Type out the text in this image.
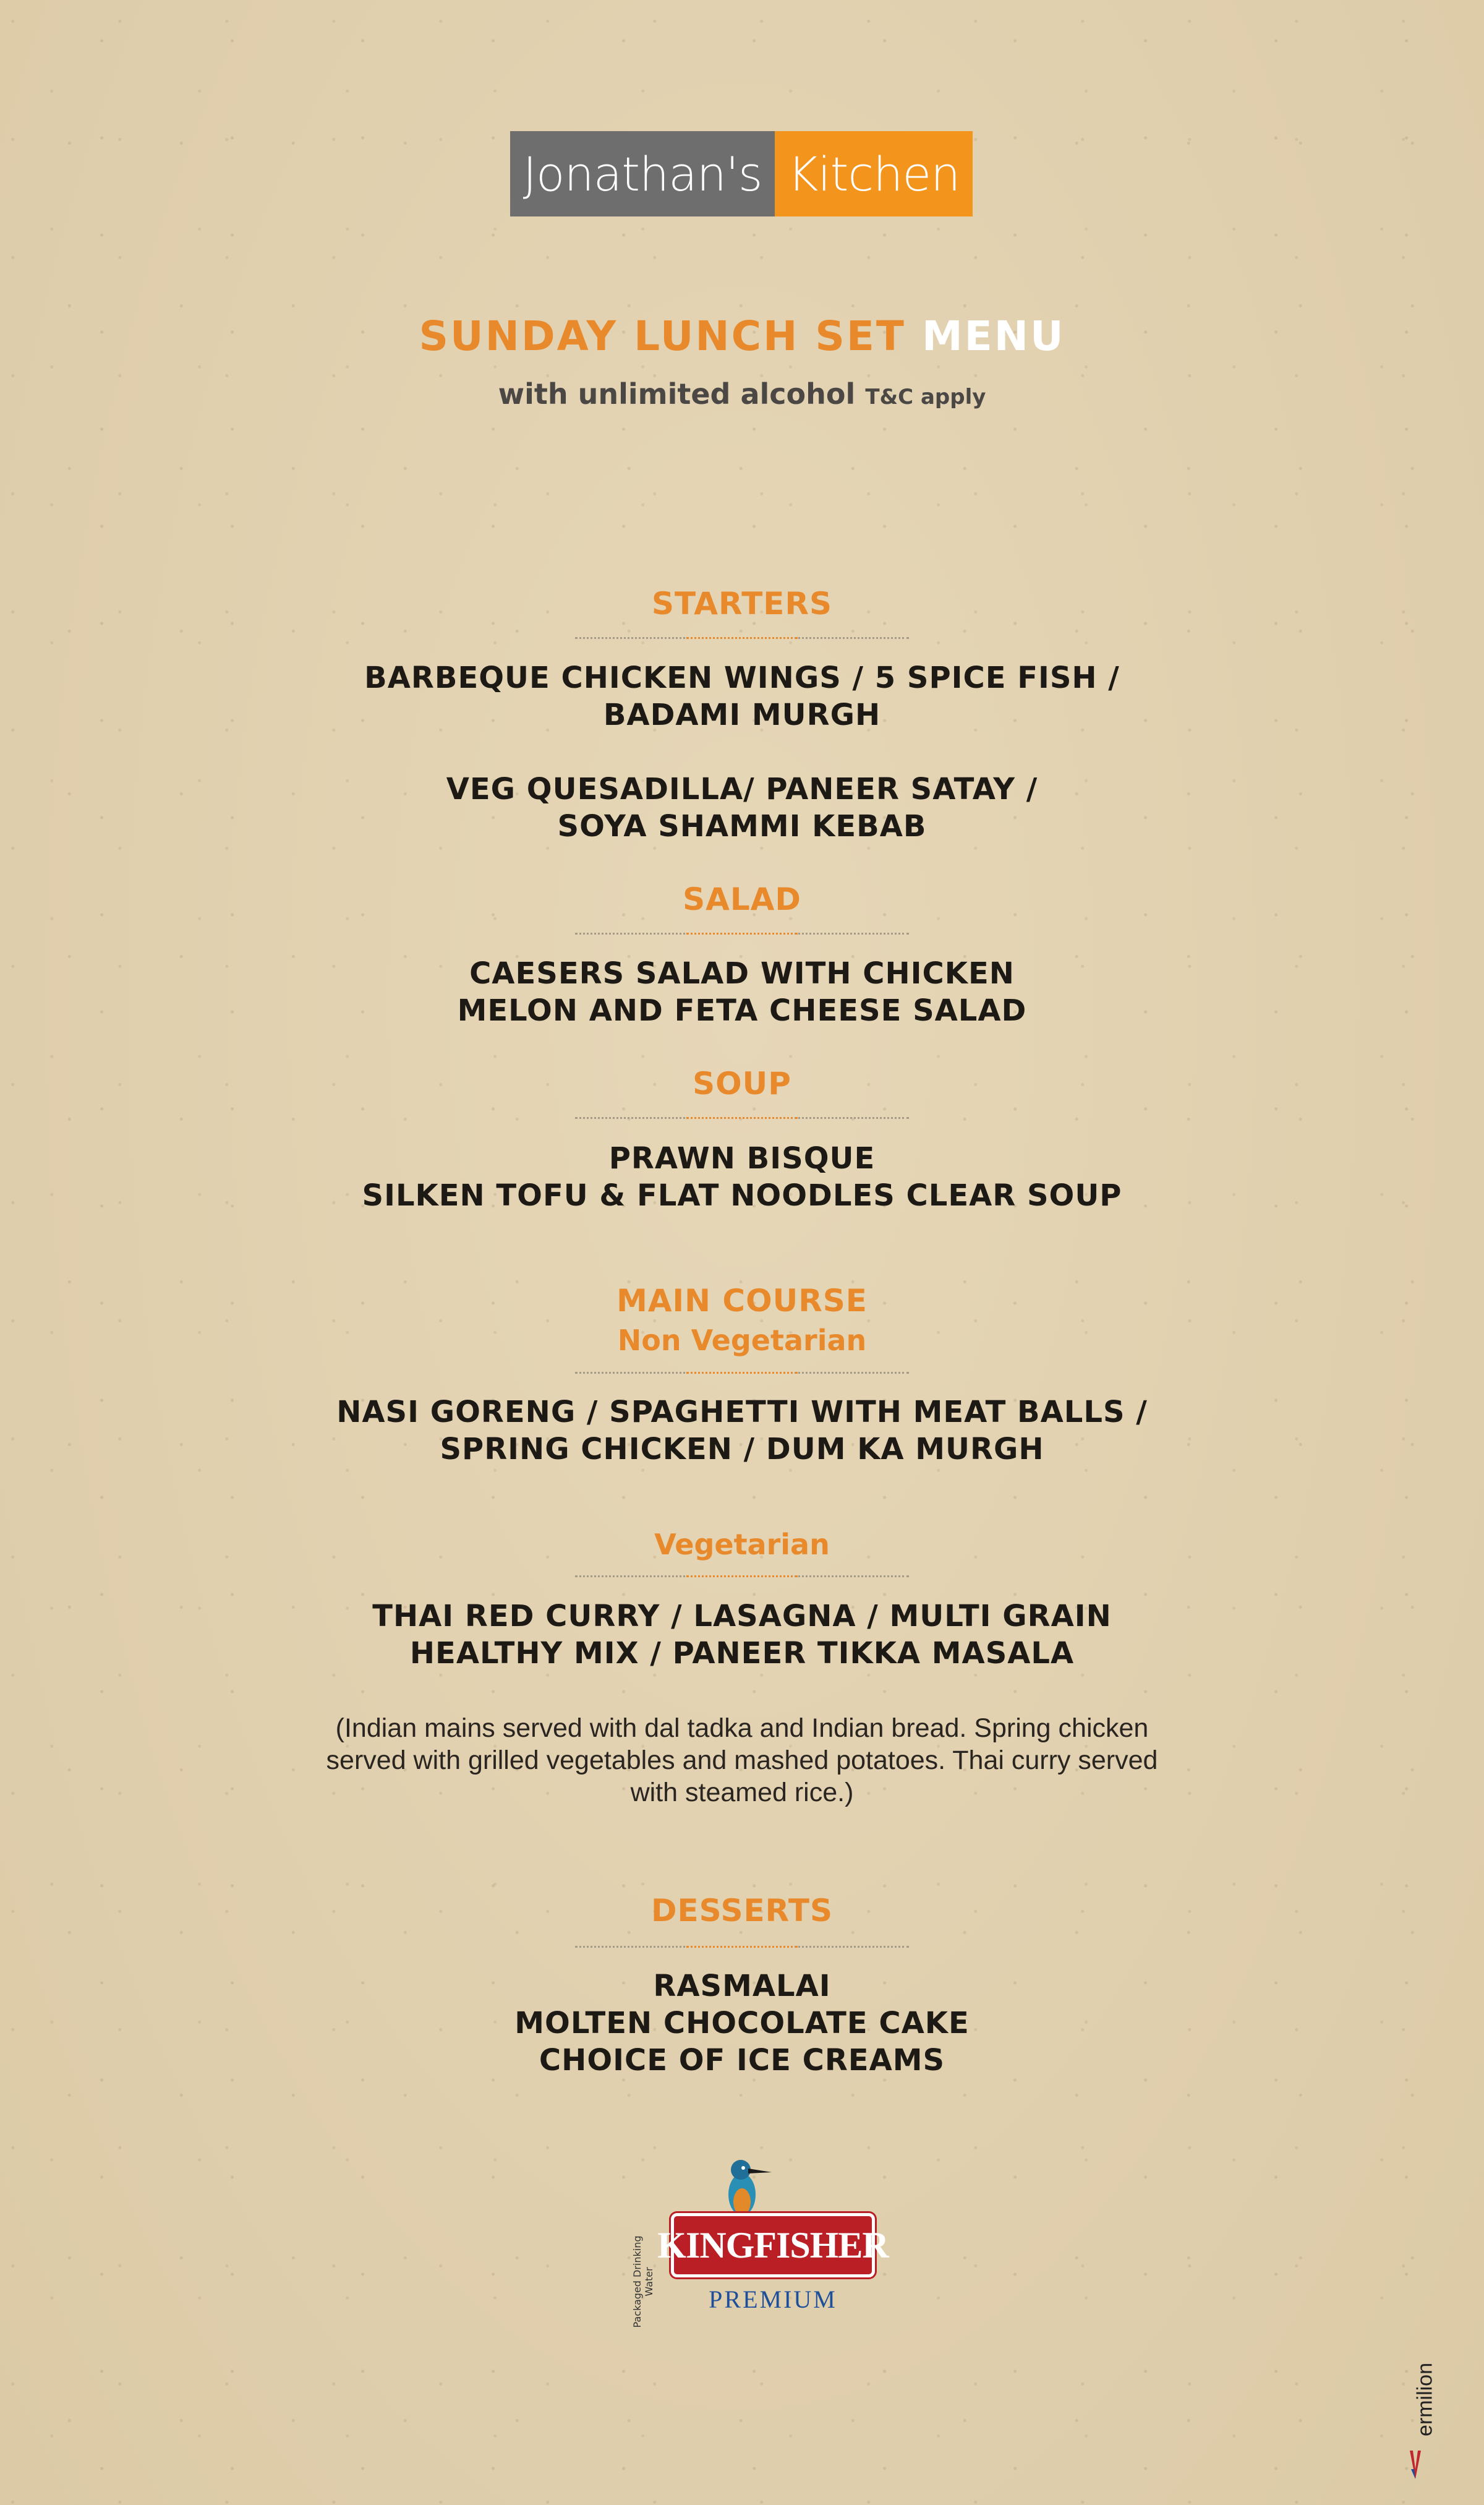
Jonathan's Kitchen
SUNDAY LUNCH SET MENU
with unlimited alcohol T&C apply
STARTERS
BARBEQUE CHICKEN WINGS / 5 SPICE FISH /
BADAMI MURGH
VEG QUESADILLA/ PANEER SATAY /
SOYA SHAMMI KEBAB
SALAD
CAESERS SALAD WITH CHICKEN
MELON AND FETA CHEESE SALAD
SOUP
PRAWN BISQUE
SILKEN TOFU & FLAT NOODLES CLEAR SOUP
MAIN COURSE
Non Vegetarian
NASI GORENG / SPAGHETTI WITH MEAT BALLS /
SPRING CHICKEN / DUM KA MURGH
Vegetarian
THAI RED CURRY / LASAGNA / MULTI GRAIN
HEALTHY MIX / PANEER TIKKA MASALA
(Indian mains served with dal tadka and Indian bread. Spring chicken
served with grilled vegetables and mashed potatoes. Thai curry served
with steamed rice.)
DESSERTS
RASMALAI
MOLTEN CHOCOLATE CAKE
CHOICE OF ICE CREAMS
KINGFISHER
PREMIUM
Packaged Drinking Water
ermilion
